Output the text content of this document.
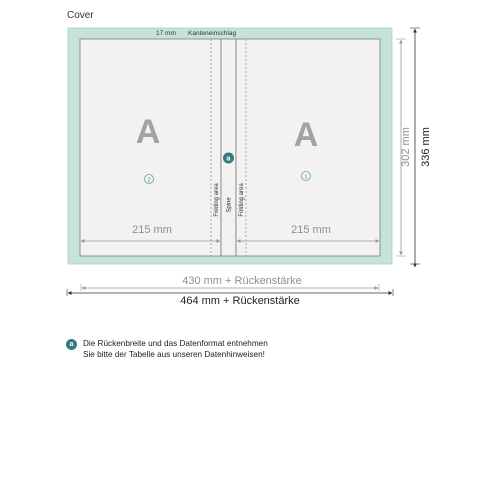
Cover
17 mm Kanteneinschlag
A	A
2	1
a
Folding area Spine Folding area
215 mm	215 mm
302 mm 336 mm
430 mm + Rückenstärke
464 mm + Rückenstärke
a	Die Rückenbreite und das Datenformat entnehmen
Sie bitte der Tabelle aus unseren Datenhinweisen!
